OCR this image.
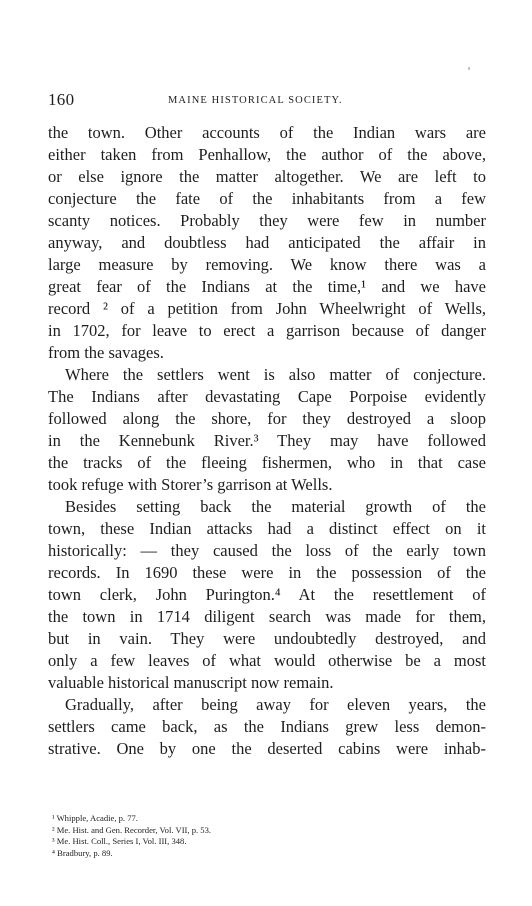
160	MAINE HISTORICAL SOCIETY.
the town. Other accounts of the Indian wars are
either taken from Penhallow, the author of the above,
or else ignore the matter altogether. We are left to
conjecture the fate of the inhabitants from a few
scanty notices. Probably they were few in number
anyway, and doubtless had anticipated the affair in
large measure by removing. We know there was a
great fear of the Indians at the time,¹ and we have
record ² of a petition from John Wheelwright of Wells,
in 1702, for leave to erect a garrison because of danger
from the savages.
Where the settlers went is also matter of conjecture.
The Indians after devastating Cape Porpoise evidently
followed along the shore, for they destroyed a sloop
in the Kennebunk River.³ They may have followed
the tracks of the fleeing fishermen, who in that case
took refuge with Storer’s garrison at Wells.
Besides setting back the material growth of the
town, these Indian attacks had a distinct effect on it
historically: — they caused the loss of the early town
records. In 1690 these were in the possession of the
town clerk, John Purington.⁴ At the resettlement of
the town in 1714 diligent search was made for them,
but in vain. They were undoubtedly destroyed, and
only a few leaves of what would otherwise be a most
valuable historical manuscript now remain.
Gradually, after being away for eleven years, the
settlers came back, as the Indians grew less demon-
strative. One by one the deserted cabins were inhab-
¹ Whipple, Acadie, p. 77.
² Me. Hist. and Gen. Recorder, Vol. VII, p. 53.
³ Me. Hist. Coll., Series I, Vol. III, 348.
⁴ Bradbury, p. 89.
